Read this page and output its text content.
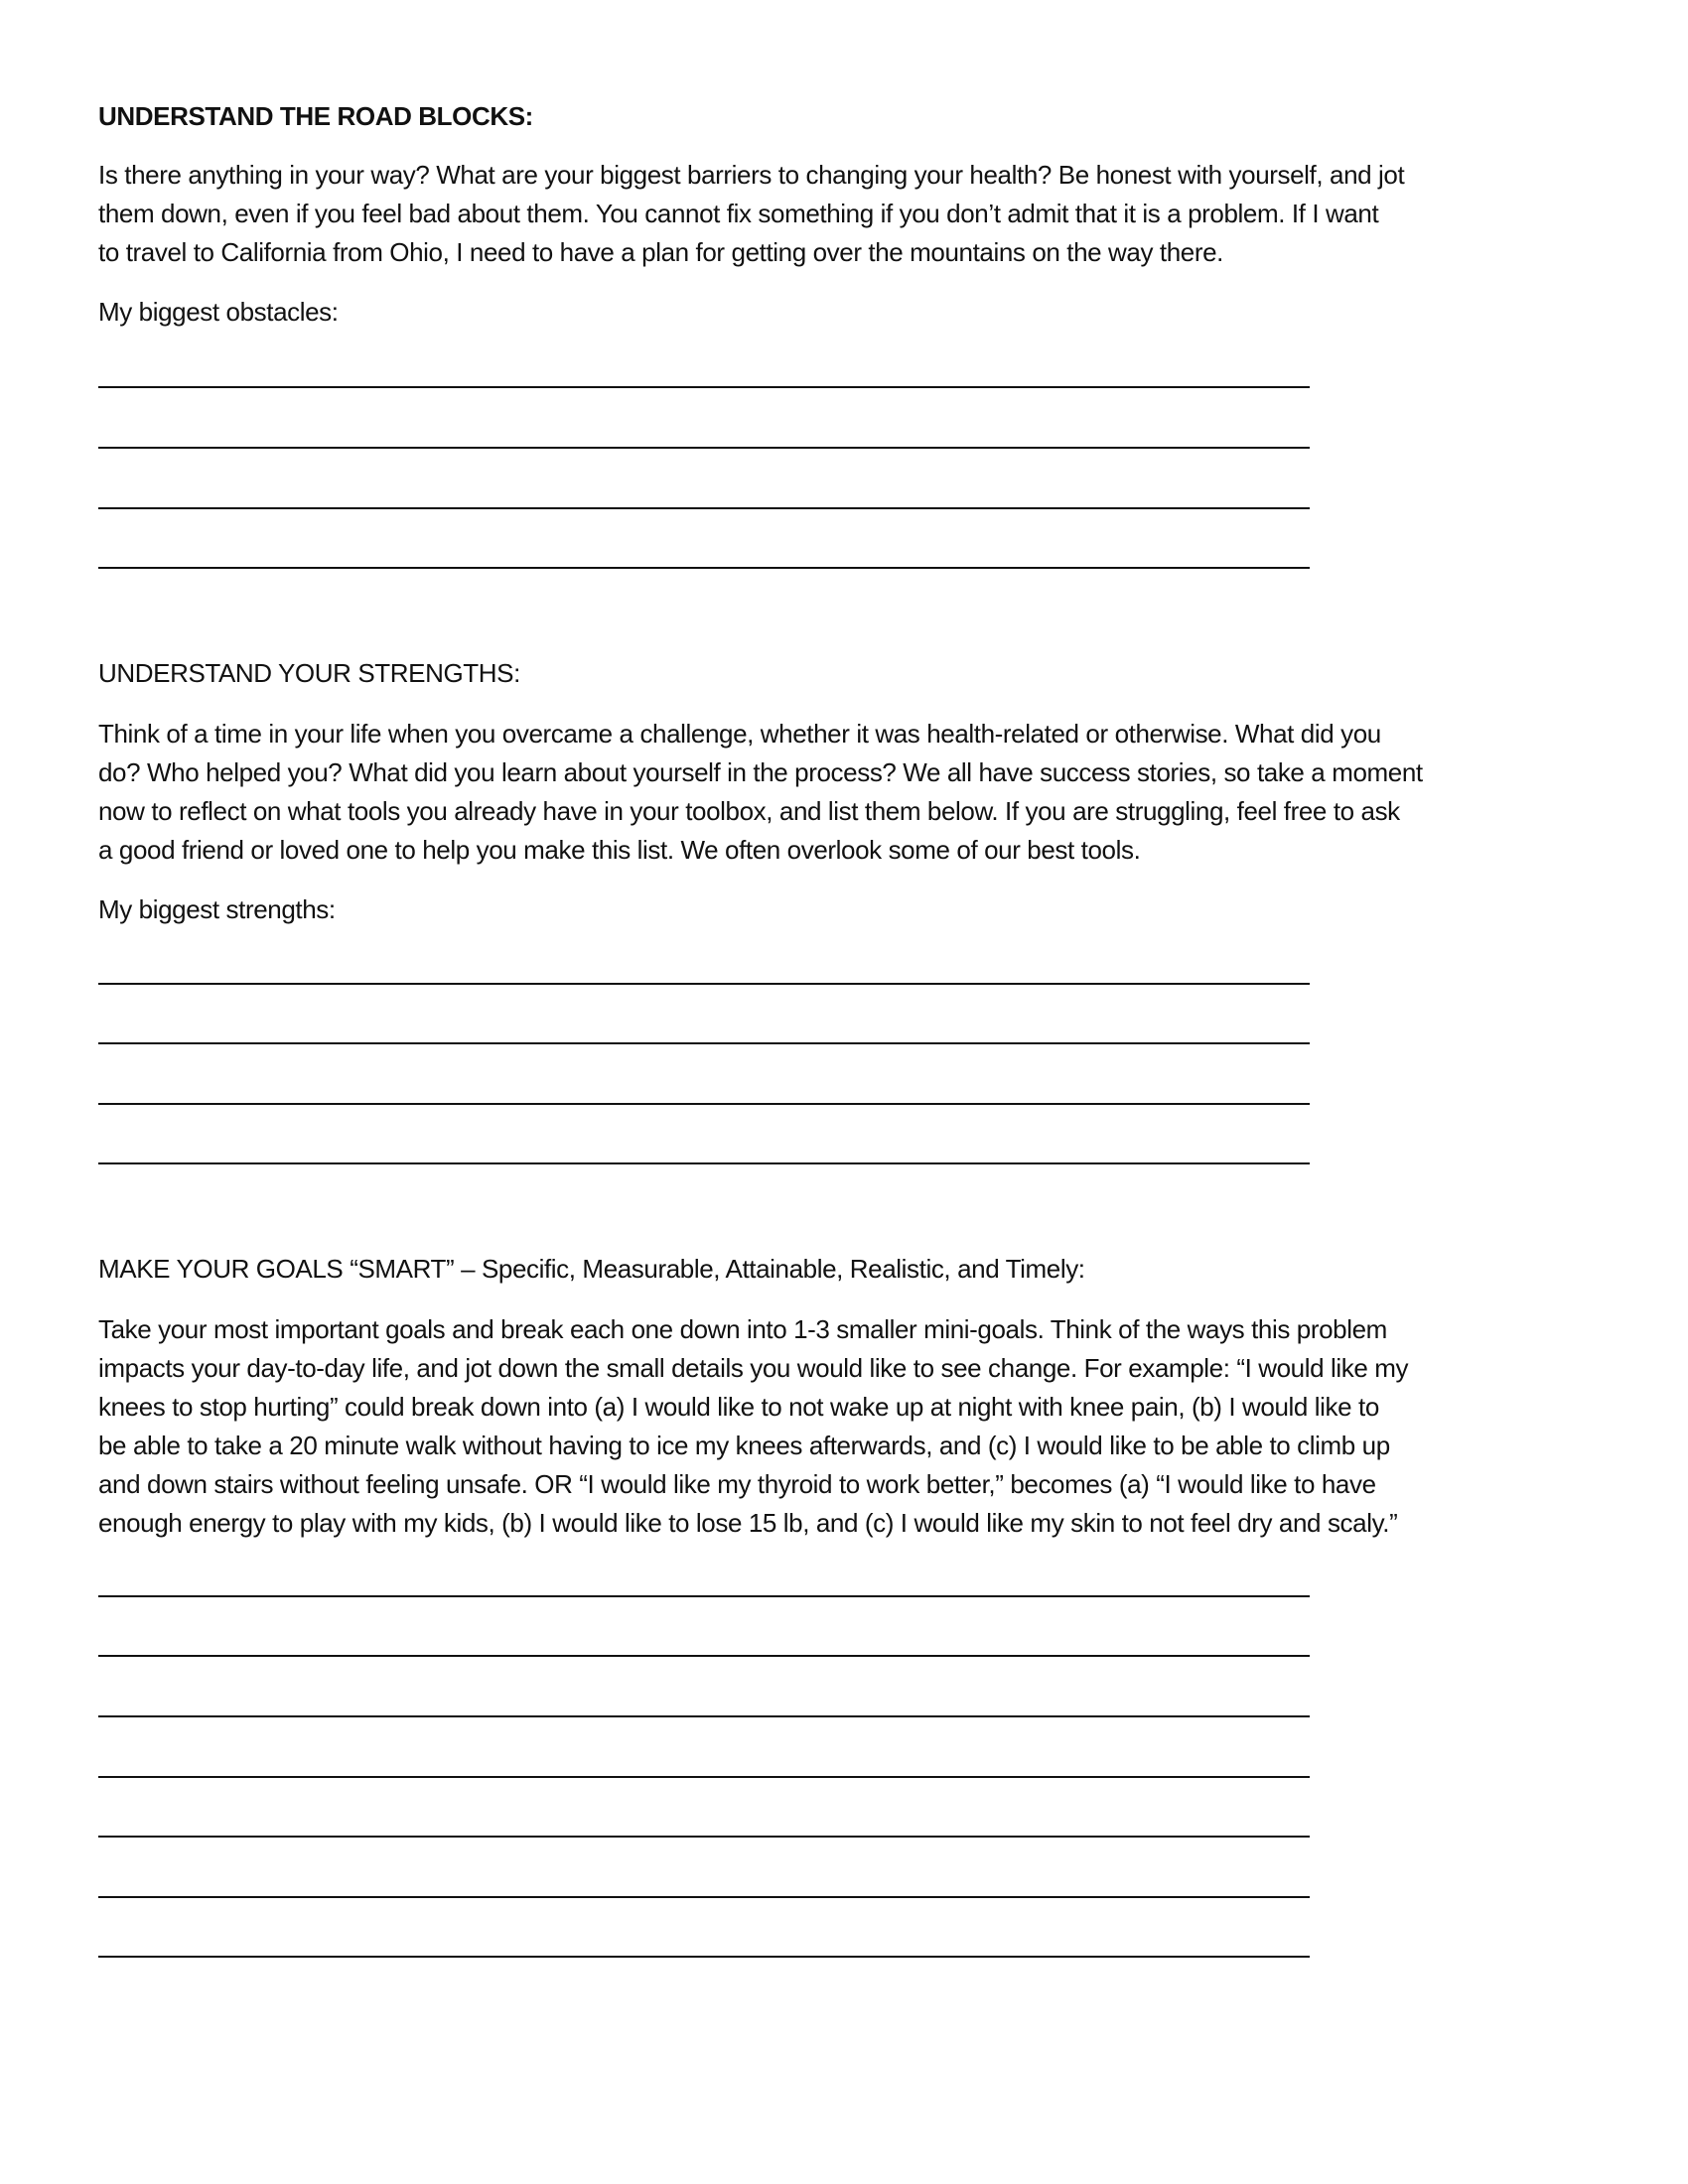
UNDERSTAND THE ROAD BLOCKS:
Is there anything in your way? What are your biggest barriers to changing your health? Be honest with yourself, and jot
them down, even if you feel bad about them. You cannot fix something if you don’t admit that it is a problem. If I want
to travel to California from Ohio, I need to have a plan for getting over the mountains on the way there.
My biggest obstacles:
UNDERSTAND YOUR STRENGTHS:
Think of a time in your life when you overcame a challenge, whether it was health-related or otherwise. What did you
do? Who helped you? What did you learn about yourself in the process? We all have success stories, so take a moment
now to reflect on what tools you already have in your toolbox, and list them below. If you are struggling, feel free to ask
a good friend or loved one to help you make this list. We often overlook some of our best tools.
My biggest strengths:
MAKE YOUR GOALS “SMART” – Specific, Measurable, Attainable, Realistic, and Timely:
Take your most important goals and break each one down into 1-3 smaller mini-goals. Think of the ways this problem
impacts your day-to-day life, and jot down the small details you would like to see change. For example: “I would like my
knees to stop hurting” could break down into (a) I would like to not wake up at night with knee pain, (b) I would like to
be able to take a 20 minute walk without having to ice my knees afterwards, and (c) I would like to be able to climb up
and down stairs without feeling unsafe. OR “I would like my thyroid to work better,” becomes (a) “I would like to have
enough energy to play with my kids, (b) I would like to lose 15 lb, and (c) I would like my skin to not feel dry and scaly.”
